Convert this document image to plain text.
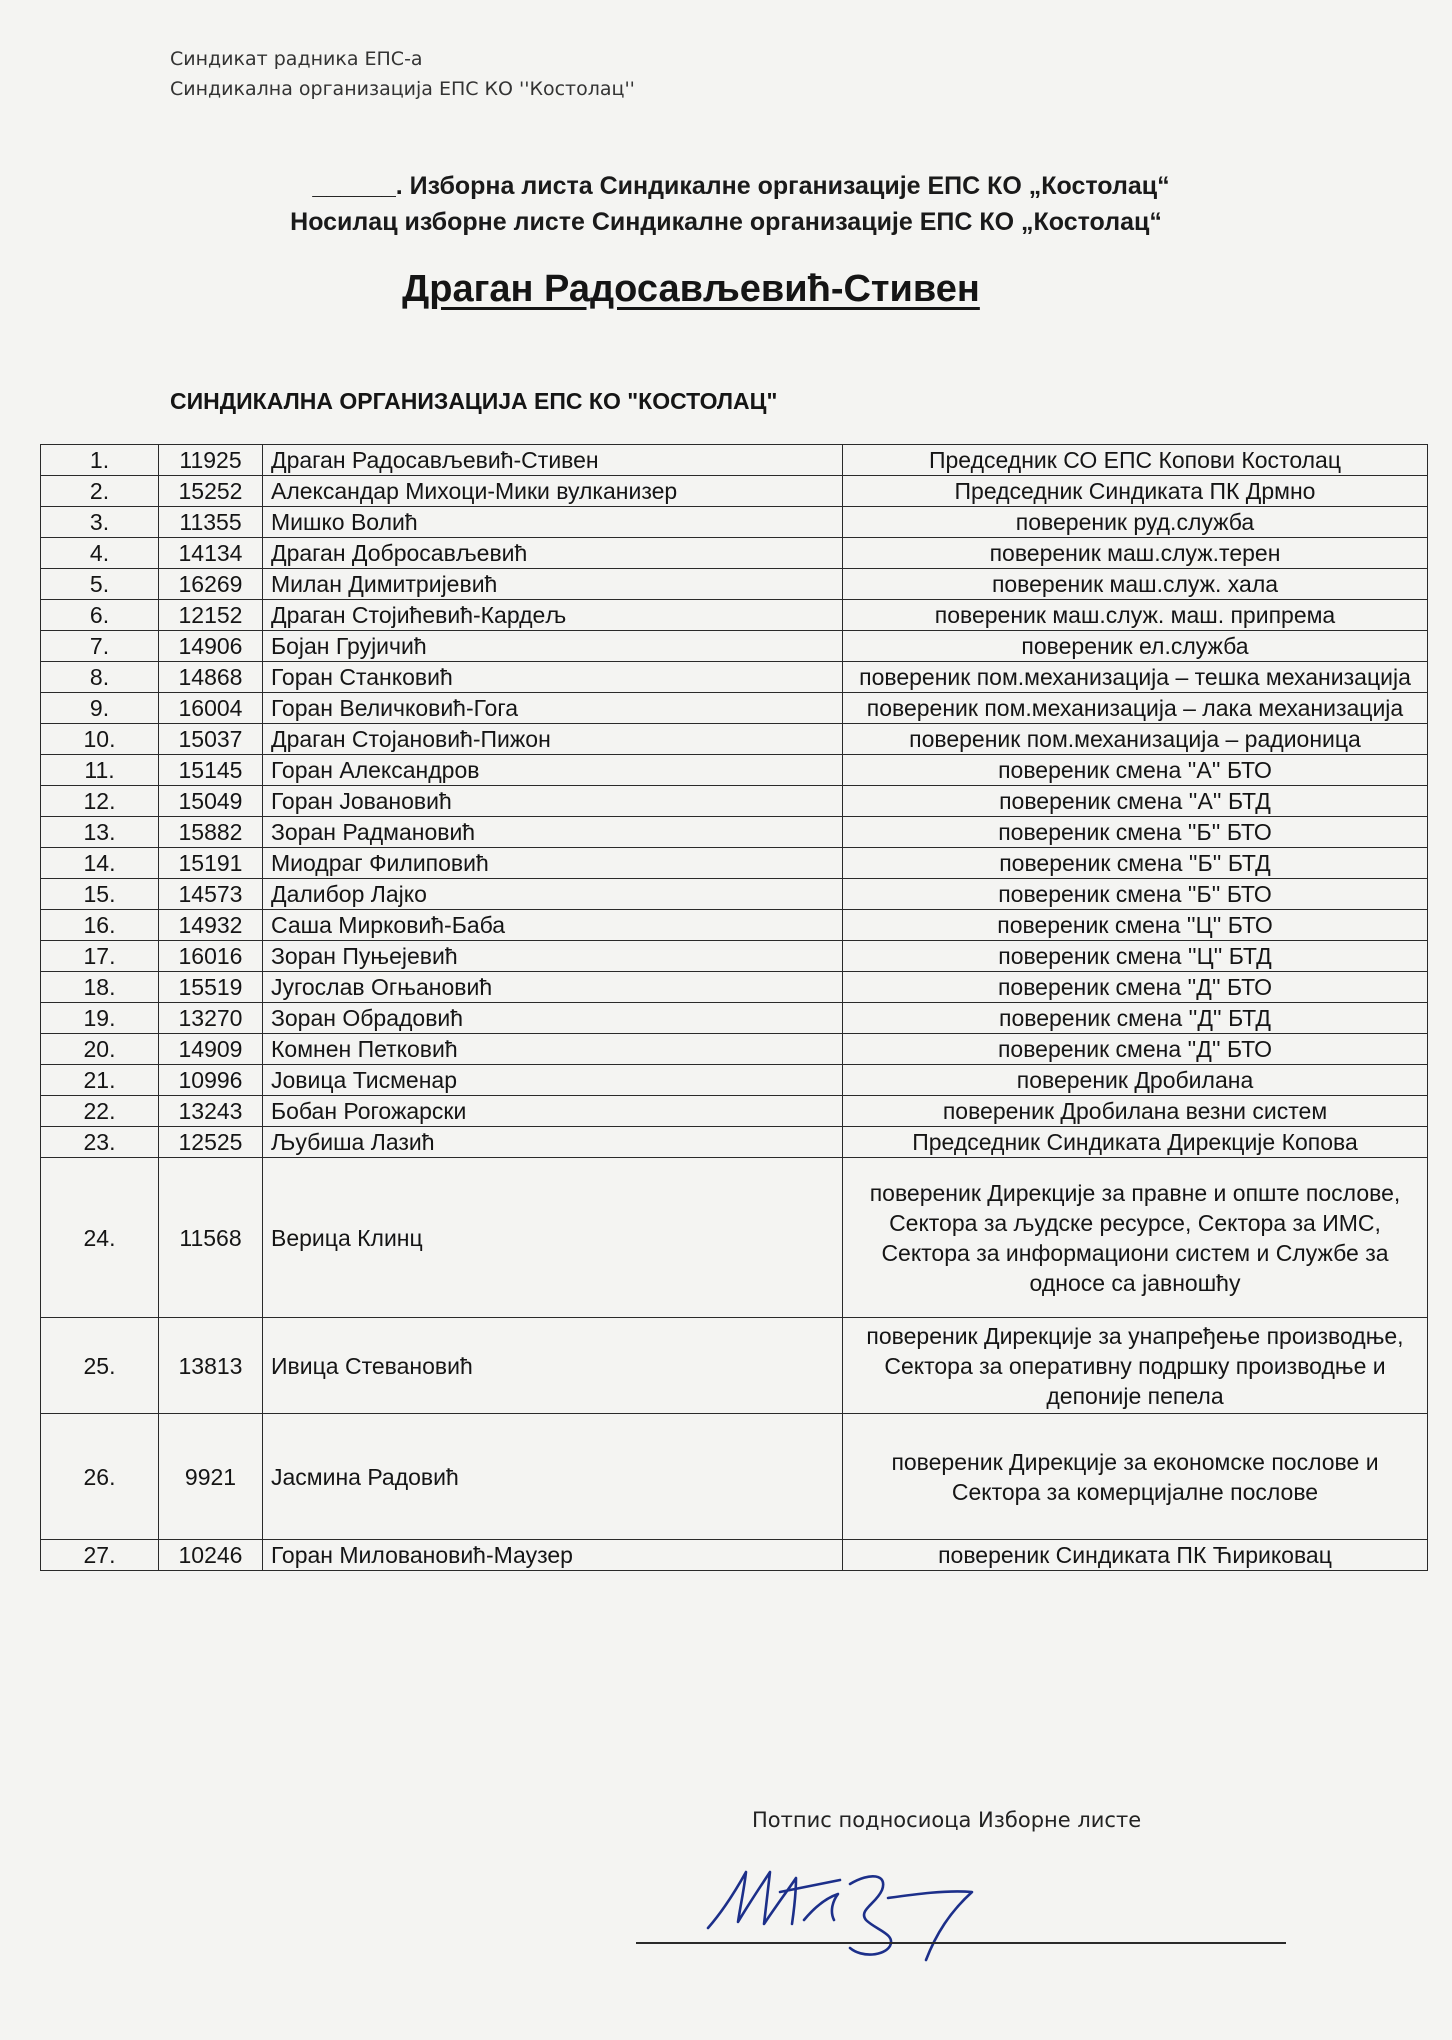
Синдикат радника ЕПС-а
Синдикална организација ЕПС КО ''Костолац''
______. Изборна листа Синдикалне организације ЕПС КО „Костолац“
Носилац изборне листе Синдикалне организације ЕПС КО „Костолац“
Драган Радосављевић-Стивен
СИНДИКАЛНА ОРГАНИЗАЦИЈА ЕПС КО "КОСТОЛАЦ"
1.	11925	Драган Радосављевић-Стивен	Председник СО ЕПС Копови Костолац
2.	15252	Александар Михоци-Мики вулканизер	Председник Синдиката ПК Дрмно
3.	11355	Мишко Волић	повереник руд.служба
4.	14134	Драган Добросављевић	повереник маш.служ.терен
5.	16269	Милан Димитријевић	повереник маш.служ. хала
6.	12152	Драган Стојићевић-Кардељ	повереник маш.служ. маш. припрема
7.	14906	Бојан Грујичић	повереник ел.служба
8.	14868	Горан Станковић	повереник пом.механизација – тешка механизација
9.	16004	Горан Величковић-Гога	повереник пом.механизација – лака механизација
10.	15037	Драган Стојановић-Пижон	повереник пом.механизација – радионица
11.	15145	Горан Александров	повереник смена ''А'' БТО
12.	15049	Горан Јовановић	повереник смена ''А'' БТД
13.	15882	Зоран Радмановић	повереник смена ''Б'' БТО
14.	15191	Миодраг Филиповић	повереник смена ''Б'' БТД
15.	14573	Далибор Лајко	повереник смена ''Б'' БТО
16.	14932	Саша Мирковић-Баба	повереник смена ''Ц'' БТО
17.	16016	Зоран Пуњејевић	повереник смена ''Ц'' БТД
18.	15519	Југослав Огњановић	повереник смена ''Д'' БТО
19.	13270	Зоран Обрадовић	повереник смена ''Д'' БТД
20.	14909	Комнен Петковић	повереник смена ''Д'' БТО
21.	10996	Јовица Тисменар	повереник Дробилана
22.	13243	Бобан Рогожарски	повереник Дробилана везни систем
23.	12525	Љубиша Лазић	Председник Синдиката Дирекције Копова
24.	11568	Верица Клинц	повереник Дирекције за правне и опште послове, Сектора за људске ресурсе, Сектора за ИМС, Сектора за информациони систем и Службе за односе са јавношћу
25.	13813	Ивица Стевановић	повереник Дирекције за унапређење производње, Сектора за оперативну подршку производње и депоније пепела
26.	9921	Јасмина Радовић	повереник Дирекције за економске послове и Сектора за комерцијалне послове
27.	10246	Горан Миловановић-Маузер	повереник Синдиката ПК Ћириковац
Потпис подносиоца Изборне листе
